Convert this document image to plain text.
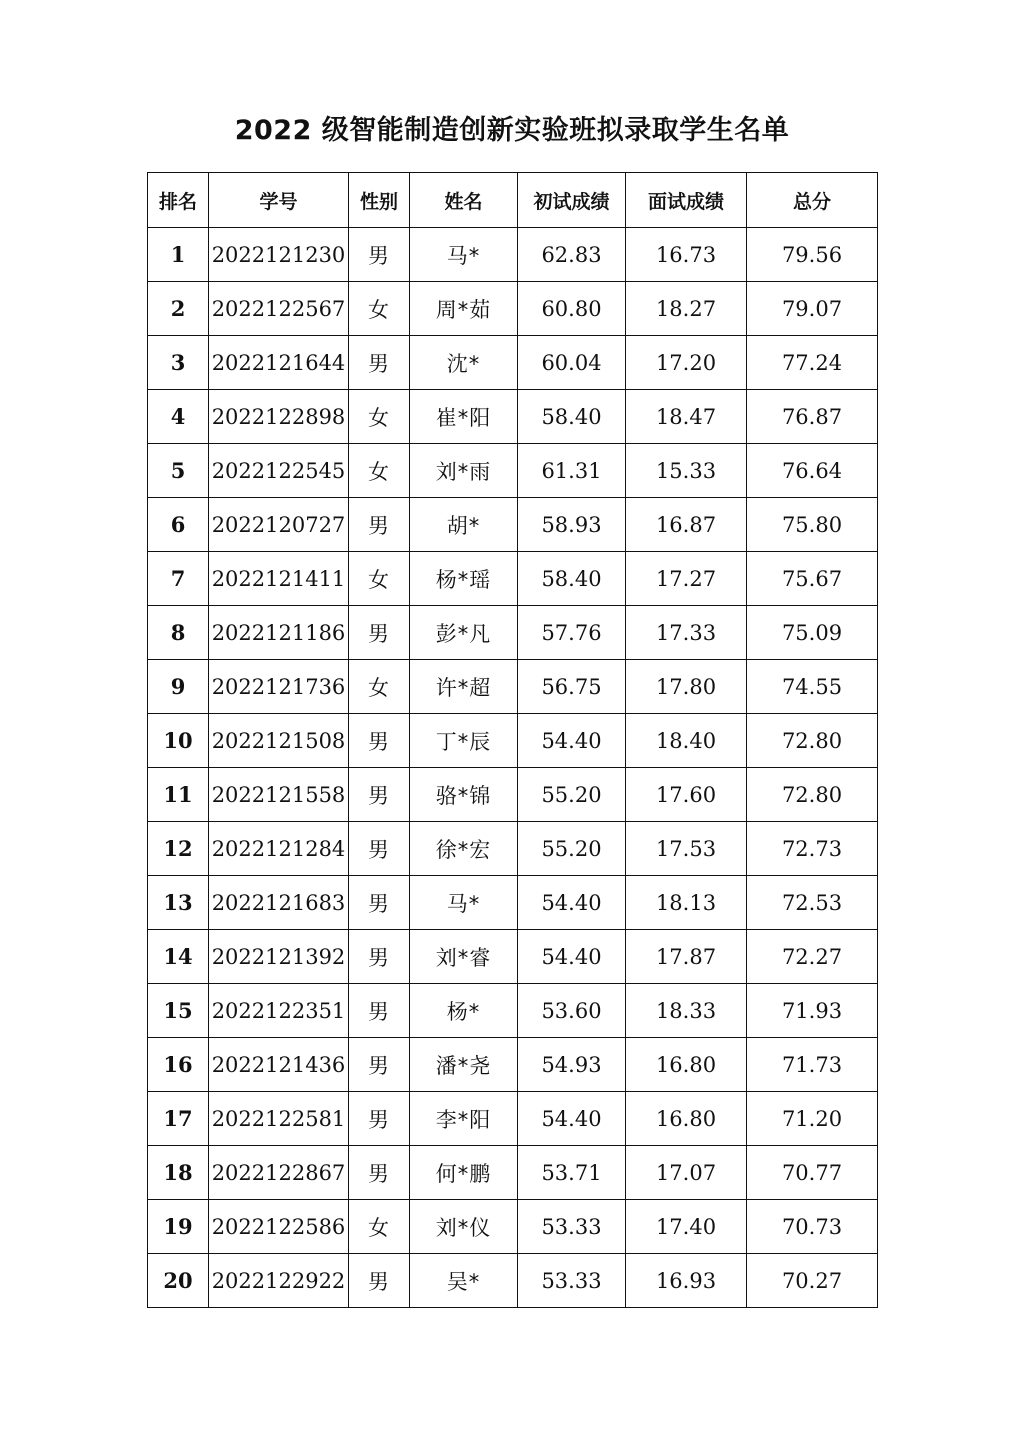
2022 级智能制造创新实验班拟录取学生名单
排名	学号	性别	姓名	初试成绩	面试成绩	总分
1	2022121230	男	马*	62.83	16.73	79.56
2	2022122567	女	周*茹	60.80	18.27	79.07
3	2022121644	男	沈*	60.04	17.20	77.24
4	2022122898	女	崔*阳	58.40	18.47	76.87
5	2022122545	女	刘*雨	61.31	15.33	76.64
6	2022120727	男	胡*	58.93	16.87	75.80
7	2022121411	女	杨*瑶	58.40	17.27	75.67
8	2022121186	男	彭*凡	57.76	17.33	75.09
9	2022121736	女	许*超	56.75	17.80	74.55
10	2022121508	男	丁*辰	54.40	18.40	72.80
11	2022121558	男	骆*锦	55.20	17.60	72.80
12	2022121284	男	徐*宏	55.20	17.53	72.73
13	2022121683	男	马*	54.40	18.13	72.53
14	2022121392	男	刘*睿	54.40	17.87	72.27
15	2022122351	男	杨*	53.60	18.33	71.93
16	2022121436	男	潘*尧	54.93	16.80	71.73
17	2022122581	男	李*阳	54.40	16.80	71.20
18	2022122867	男	何*鹏	53.71	17.07	70.77
19	2022122586	女	刘*仪	53.33	17.40	70.73
20	2022122922	男	吴*	53.33	16.93	70.27
